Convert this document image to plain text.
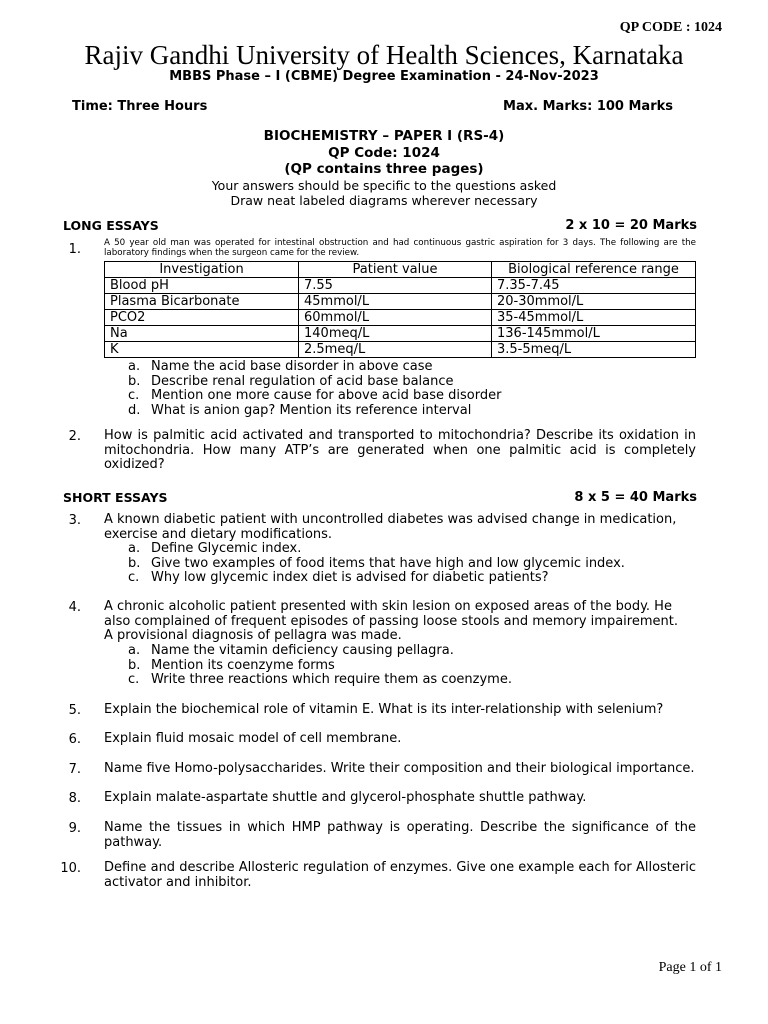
QP CODE : 1024
Rajiv Gandhi University of Health Sciences, Karnataka
MBBS Phase – I (CBME) Degree Examination - 24-Nov-2023
Time: Three Hours	Max. Marks: 100 Marks
BIOCHEMISTRY – PAPER I (RS-4)
QP Code: 1024
(QP contains three pages)
Your answers should be specific to the questions asked
Draw neat labeled diagrams wherever necessary
LONG ESSAYS	2 x 10 = 20 Marks
1.	A 50 year old man was operated for intestinal obstruction and had continuous gastric aspiration for 3 days. The following are the laboratory findings when the surgeon came for the review.
Investigation	Patient value	Biological reference range
Blood pH	7.55	7.35-7.45
Plasma Bicarbonate	45mmol/L	20-30mmol/L
PCO2	60mmol/L	35-45mmol/L
Na	140meq/L	136-145mmol/L
K	2.5meq/L	3.5-5meq/L
a. Name the acid base disorder in above case
b. Describe renal regulation of acid base balance
c. Mention one more cause for above acid base disorder
d. What is anion gap? Mention its reference interval
2. How is palmitic acid activated and transported to mitochondria? Describe its oxidation in mitochondria. How many ATP’s are generated when one palmitic acid is completely oxidized?
SHORT ESSAYS	8 x 5 = 40 Marks
3. A known diabetic patient with uncontrolled diabetes was advised change in medication, exercise and dietary modifications.
a. Define Glycemic index.
b. Give two examples of food items that have high and low glycemic index.
c. Why low glycemic index diet is advised for diabetic patients?
4. A chronic alcoholic patient presented with skin lesion on exposed areas of the body. He also complained of frequent episodes of passing loose stools and memory impairement. A provisional diagnosis of pellagra was made.
a. Name the vitamin deficiency causing pellagra.
b. Mention its coenzyme forms
c. Write three reactions which require them as coenzyme.
5. Explain the biochemical role of vitamin E. What is its inter-relationship with selenium?
6. Explain fluid mosaic model of cell membrane.
7. Name five Homo-polysaccharides. Write their composition and their biological importance.
8. Explain malate-aspartate shuttle and glycerol-phosphate shuttle pathway.
9. Name the tissues in which HMP pathway is operating. Describe the significance of the pathway.
10. Define and describe Allosteric regulation of enzymes. Give one example each for Allosteric activator and inhibitor.
Page 1 of 1
